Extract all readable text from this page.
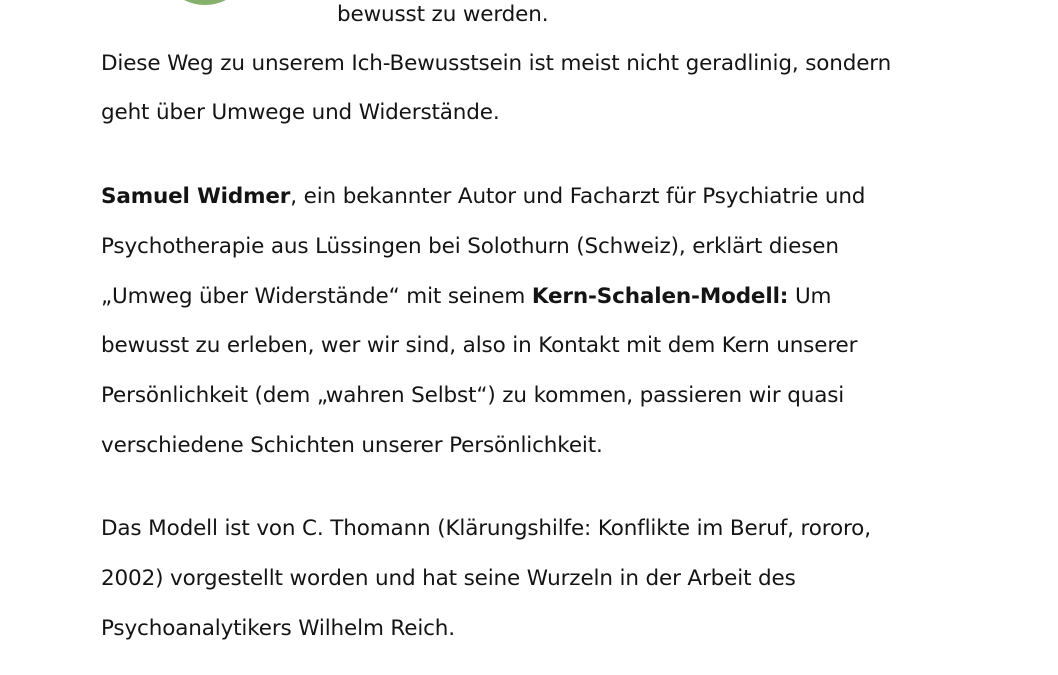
bewusst zu werden.
Diese Weg zu unserem Ich-Bewusstsein ist meist nicht geradlinig, sondern
geht über Umwege und Widerstände.
Samuel Widmer, ein bekannter Autor und Facharzt für Psychiatrie und
Psychotherapie aus Lüssingen bei Solothurn (Schweiz), erklärt diesen
„Umweg über Widerstände“ mit seinem Kern-Schalen-Modell: Um
bewusst zu erleben, wer wir sind, also in Kontakt mit dem Kern unserer
Persönlichkeit (dem „wahren Selbst“) zu kommen, passieren wir quasi
verschiedene Schichten unserer Persönlichkeit.
Das Modell ist von C. Thomann (Klärungshilfe: Konflikte im Beruf, rororo,
2002) vorgestellt worden und hat seine Wurzeln in der Arbeit des
Psychoanalytikers Wilhelm Reich.
